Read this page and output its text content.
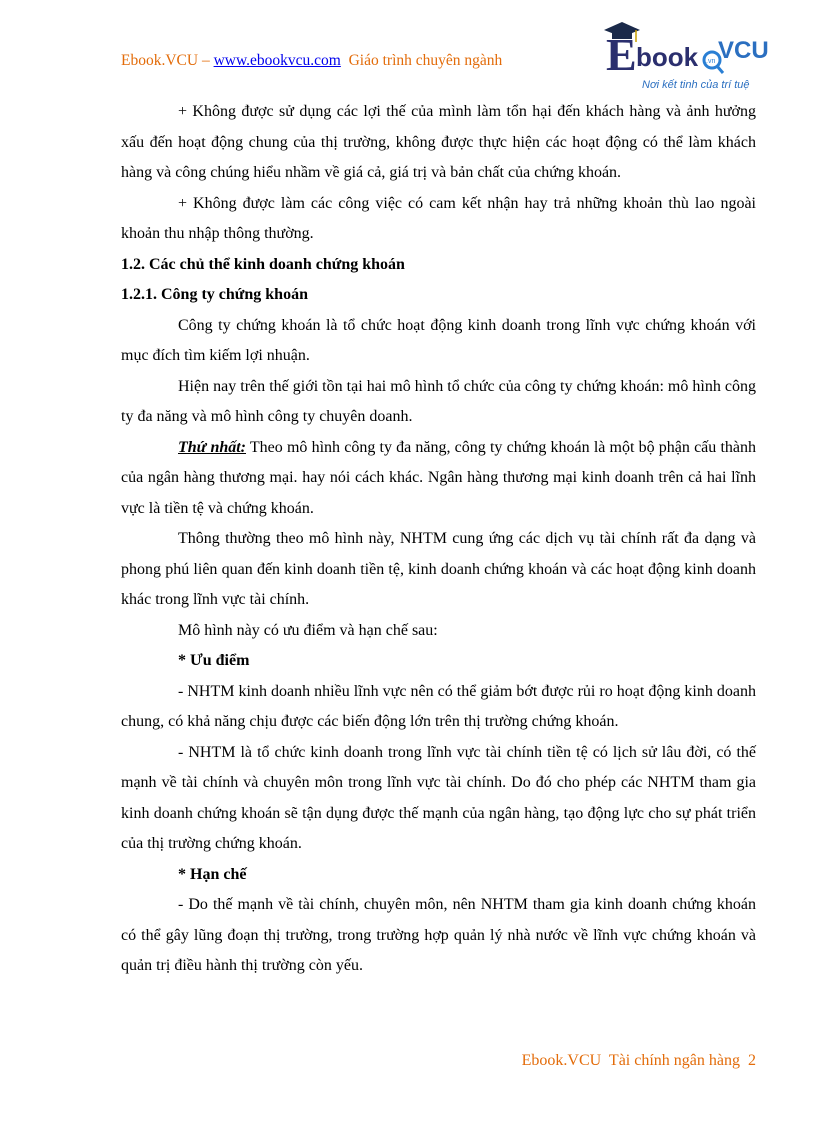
Ebook.VCU – www.ebookvcu.com Giáo trình chuyên ngành E book .vn VCU
Nơi kết tinh của trí tuệ

+ Không được sử dụng các lợi thế của mình làm tổn hại đến khách hàng và ảnh hưởng xấu đến hoạt động chung của thị trường, không được thực hiện các hoạt động có thể làm khách hàng và công chúng hiểu nhầm về giá cả, giá trị và bản chất của chứng khoán.

+ Không được làm các công việc có cam kết nhận hay trả những khoản thù lao ngoài khoản thu nhập thông thường.

1.2. Các chủ thể kinh doanh chứng khoán

1.2.1. Công ty chứng khoán

Công ty chứng khoán là tổ chức hoạt động kinh doanh trong lĩnh vực chứng khoán với mục đích tìm kiếm lợi nhuận.

Hiện nay trên thế giới tồn tại hai mô hình tổ chức của công ty chứng khoán: mô hình công ty đa năng và mô hình công ty chuyên doanh.

Thứ nhất: Theo mô hình công ty đa năng, công ty chứng khoán là một bộ phận cấu thành của ngân hàng thương mại. hay nói cách khác. Ngân hàng thương mại kinh doanh trên cả hai lĩnh vực là tiền tệ và chứng khoán.

Thông thường theo mô hình này, NHTM cung ứng các dịch vụ tài chính rất đa dạng và phong phú liên quan đến kinh doanh tiền tệ, kinh doanh chứng khoán và các hoạt động kinh doanh khác trong lĩnh vực tài chính.

Mô hình này có ưu điểm và hạn chế sau:

* Ưu điểm

- NHTM kinh doanh nhiều lĩnh vực nên có thể giảm bớt được rủi ro hoạt động kinh doanh chung, có khả năng chịu được các biến động lớn trên thị trường chứng khoán.

- NHTM là tổ chức kinh doanh trong lĩnh vực tài chính tiền tệ có lịch sử lâu đời, có thế mạnh về tài chính và chuyên môn trong lĩnh vực tài chính. Do đó cho phép các NHTM tham gia kinh doanh chứng khoán sẽ tận dụng được thế mạnh của ngân hàng, tạo động lực cho sự phát triển của thị trường chứng khoán.

* Hạn chế

- Do thế mạnh về tài chính, chuyên môn, nên NHTM tham gia kinh doanh chứng khoán có thể gây lũng đoạn thị trường, trong trường hợp quản lý nhà nước về lĩnh vực chứng khoán và quản trị điều hành thị trường còn yếu.

Ebook.VCU  Tài chính ngân hàng 2
